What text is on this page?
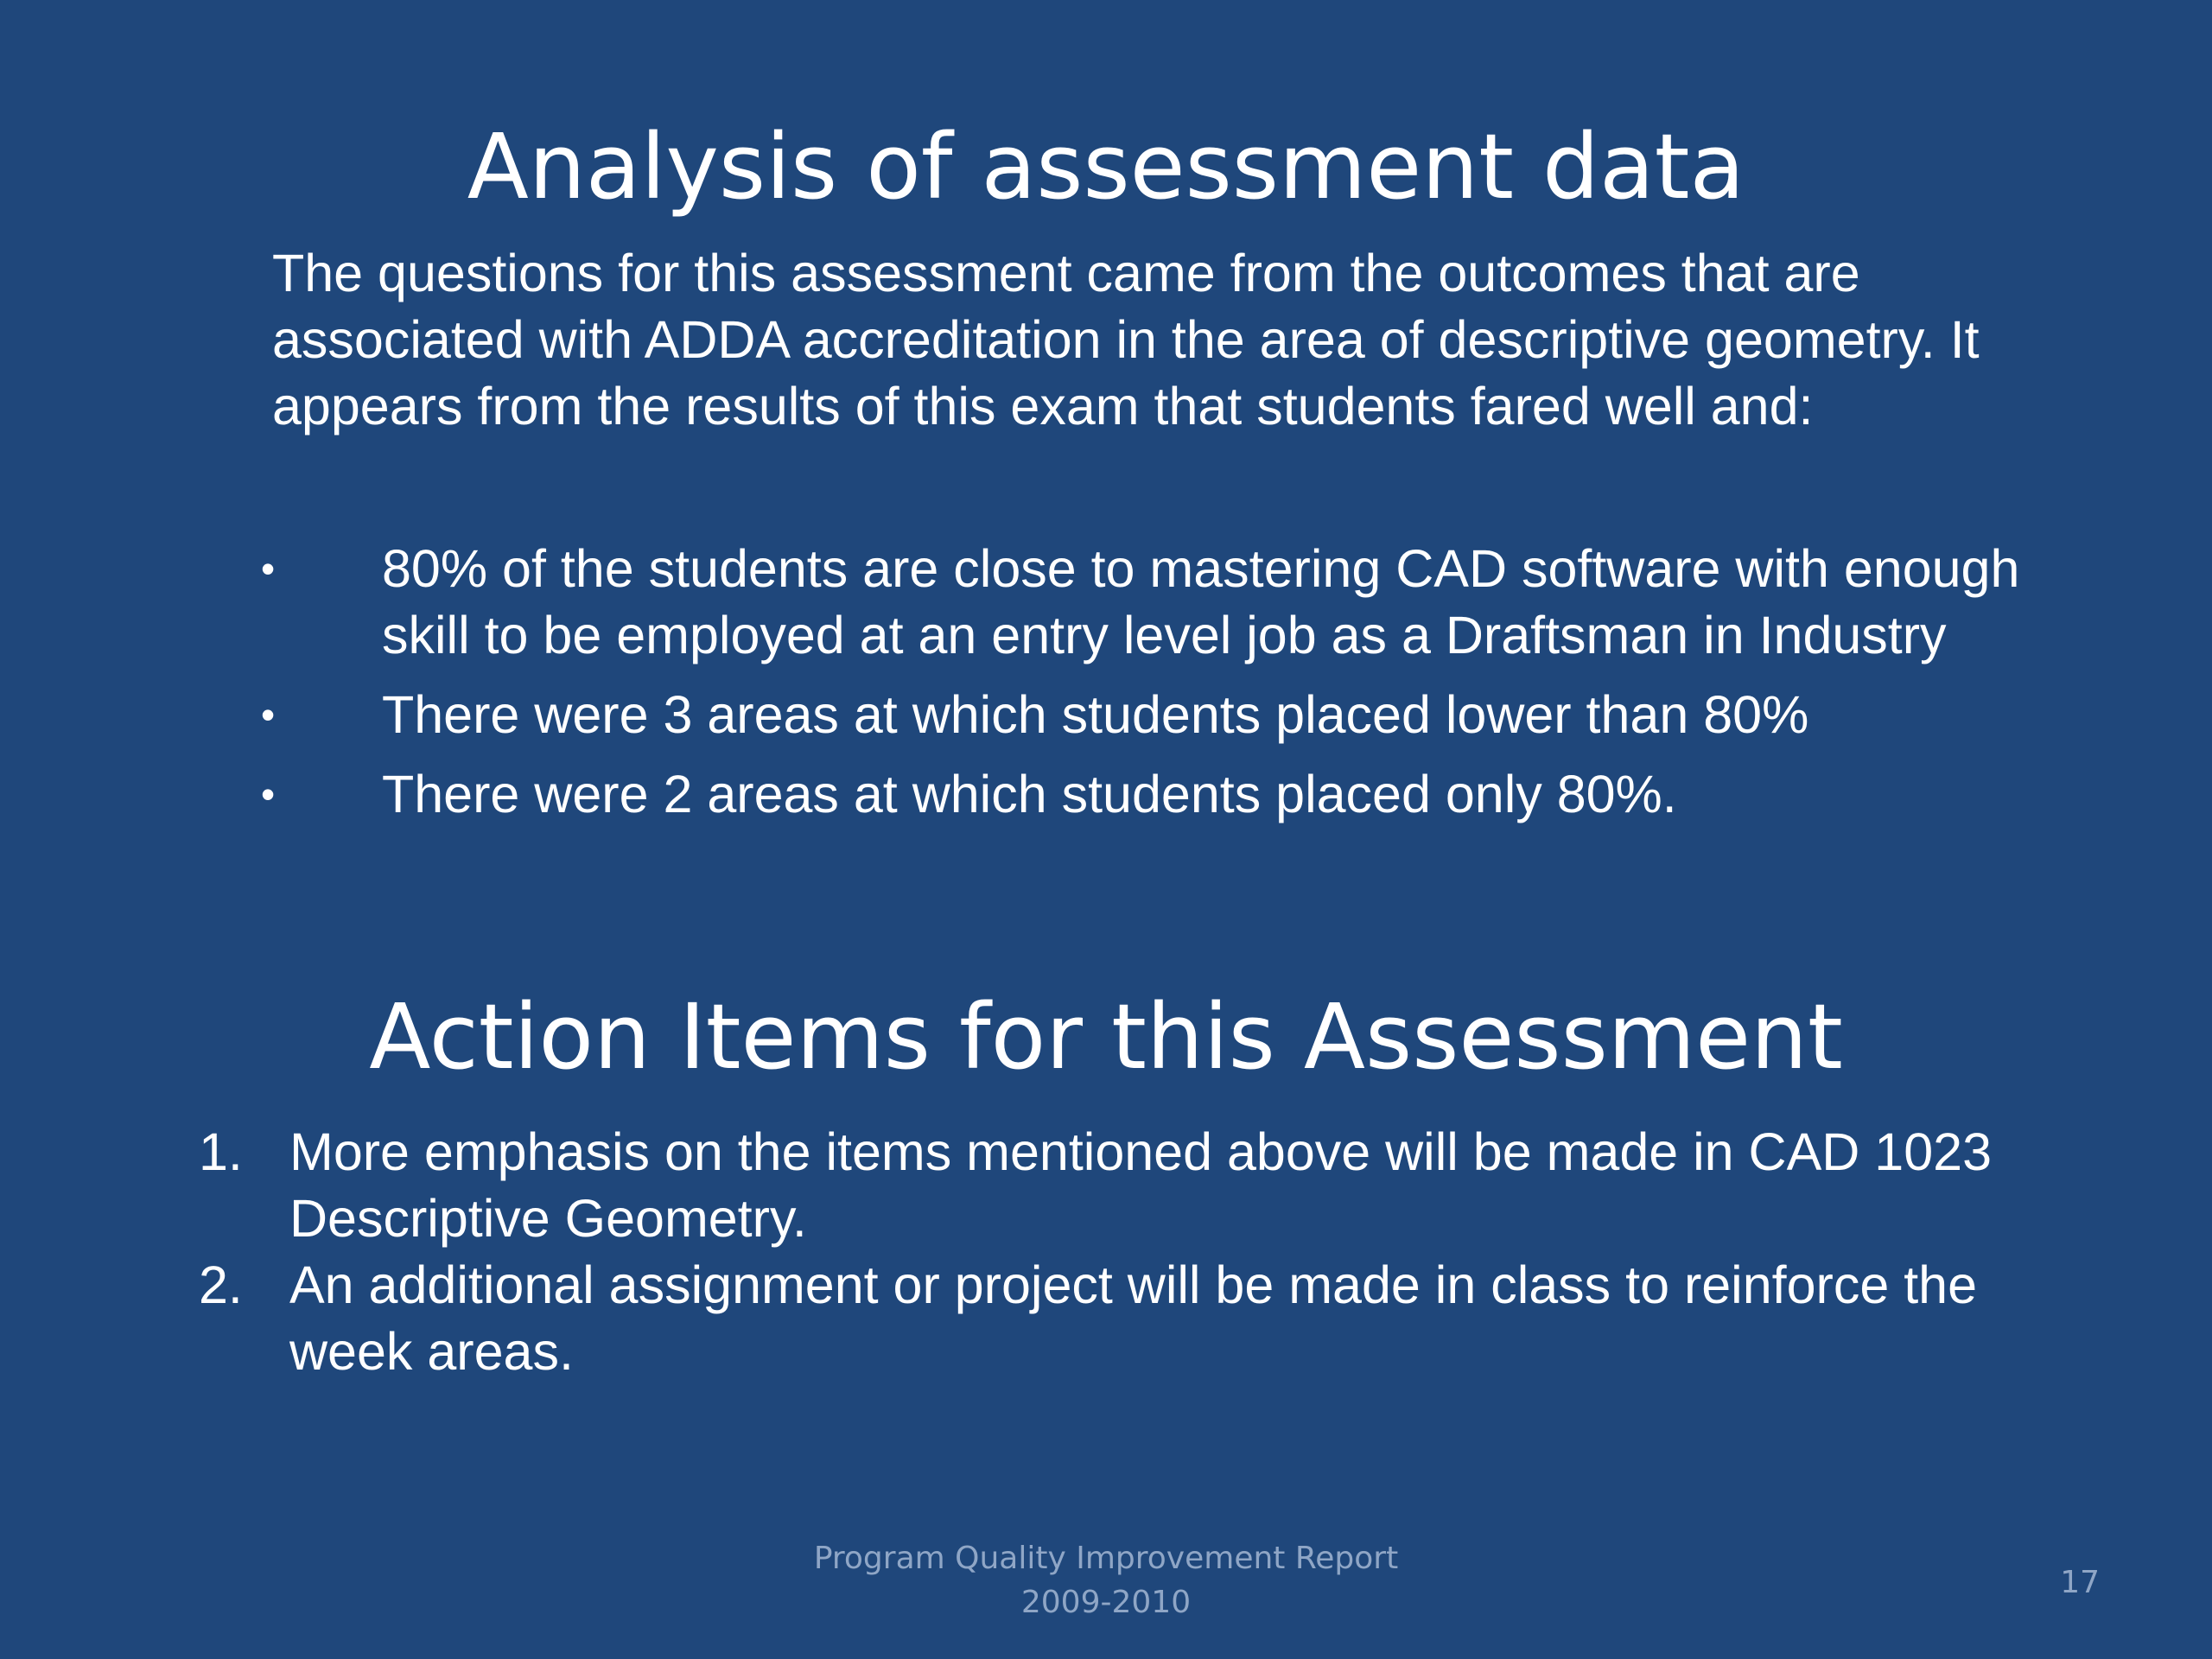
Analysis of assessment data

The questions for this assessment came from the outcomes that are associated with ADDA accreditation in the area of descriptive geometry. It appears from the results of this exam that students fared well and:

• 80% of the students are close to mastering CAD software with enough skill to be employed at an entry level job as a Draftsman in Industry
• There were 3 areas at which students placed lower than 80%
• There were 2 areas at which students placed only 80%.
Action Items for this Assessment
1. More emphasis on the items mentioned above will be made in CAD 1023 Descriptive Geometry.
2. An additional assignment or project will be made in class to reinforce the week areas.
Program Quality Improvement Report
2009-2010
17
